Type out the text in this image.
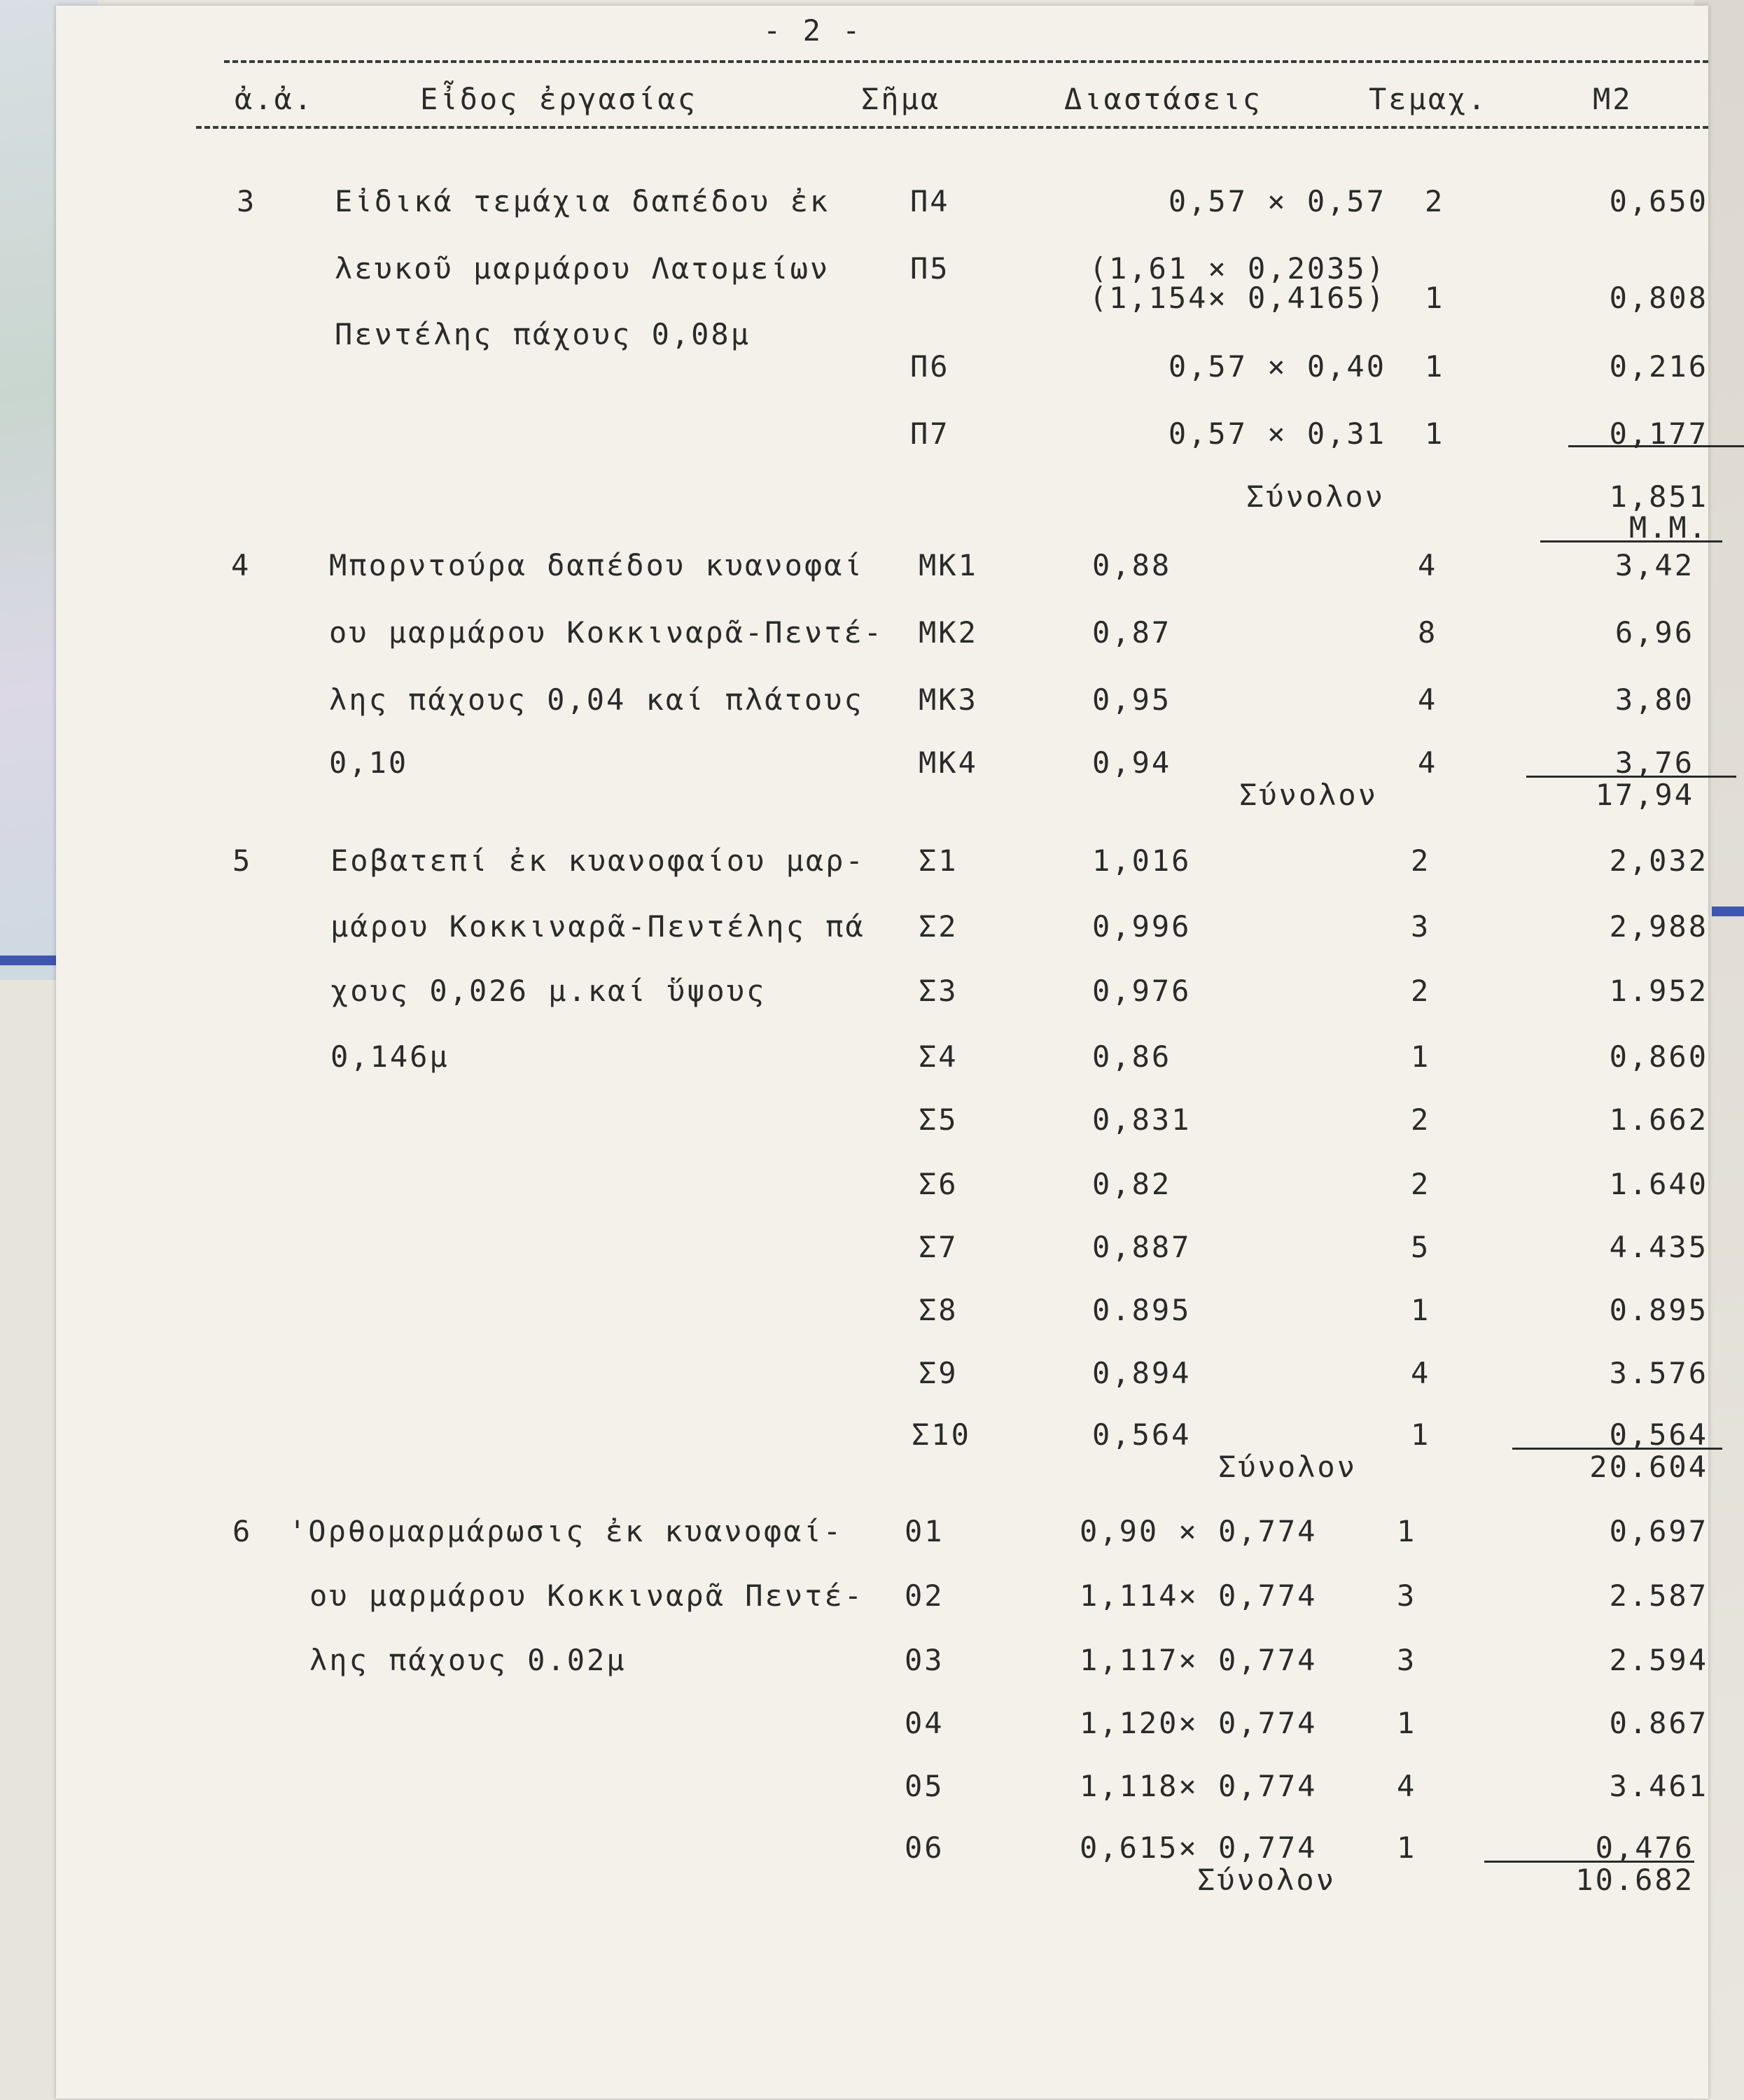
- 2 -
ἀ.ἀ.	Εἶδος ἐργασίας	Σῆμα	Διαστάσεις	Τεμαχ.	Μ2
3	Εἰδικά τεμάχια δαπέδου ἐκ
λευκοῦ μαρμάρου Λατομείων
Πεντέλης πάχους 0,08μ
Π4	0,57 × 0,57 2	0,650
Π5	(1,61 × 0,2035)
(1,154× 0,4165) 1	0,808
Π6	0,57 × 0,40 1	0,216
Π7	0,57 × 0,31 1	0,177
Σύνολον	1,851
Μ.Μ.
4	Μπορντούρα δαπέδου κυανοφαί
ου μαρμάρου Κοκκιναρᾶ-Πεντέ-
λης πάχους 0,04 καί πλάτους
0,10
ΜΚ1	0,88	4	3,42
ΜΚ2	0,87	8	6,96
ΜΚ3	0,95	4	3,80
ΜΚ4	0,94	4	3,76
Σύνολον	17,94
5	Εοβατεπί ἐκ κυανοφαίου μαρ-
μάρου Κοκκιναρᾶ-Πεντέλης πά
χους 0,026 μ.καί ὕψους
0,146μ
Σ1	1,016	2	2,032
Σ2	0,996	3	2,988
Σ3	0,976	2	1.952
Σ4	0,86	1	0,860
Σ5	0,831	2	1.662
Σ6	0,82	2	1.640
Σ7	0,887	5	4.435
Σ8	0.895	1	0.895
Σ9	0,894	4	3.576
Σ10	0,564	1	0,564
Σύνολον	20.604
6 'Ορθομαρμάρωσις ἐκ κυανοφαί-
ου μαρμάρου Κοκκιναρᾶ Πεντέ-
λης πάχους 0.02μ
01	0,90 × 0,774	1	0,697
02	1,114× 0,774	3	2.587
03	1,117× 0,774	3	2.594
04	1,120× 0,774	1	0.867
05	1,118× 0,774	4	3.461
06	0,615× 0,774	1	0,476
Σύνολον	10.682
